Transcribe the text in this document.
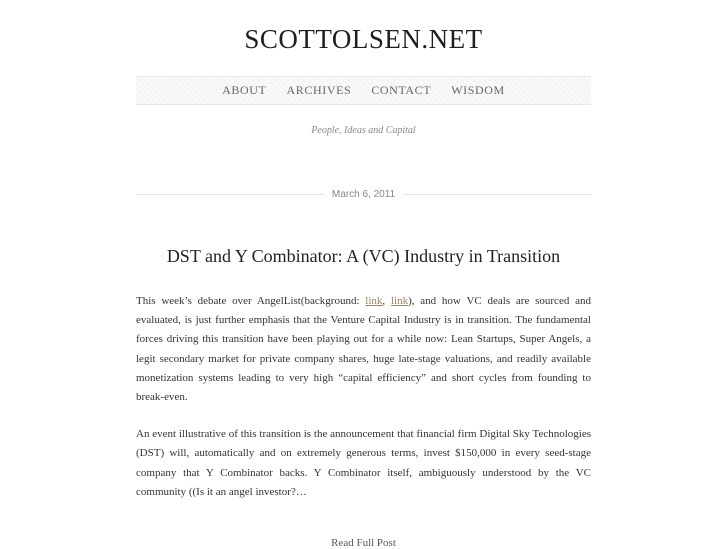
SCOTTOLSEN.NET
ABOUT ARCHIVES CONTACT WISDOM
People, Ideas and Capital
March 6, 2011
DST and Y Combinator: A (VC) Industry in Transition

This week’s debate over AngelList(background: link, link), and how VC deals are sourced and evaluated, is just further emphasis that the Venture Capital Industry is in transition. The fundamental forces driving this transition have been playing out for a while now: Lean Startups, Super Angels, a legit secondary market for private company shares, huge late-stage valuations, and readily available monetization systems leading to very high “capital efficiency” and short cycles from founding to break-even.

An event illustrative of this transition is the announcement that financial firm Digital Sky Technologies (DST) will, automatically and on extremely generous terms, invest $150,000 in every seed-stage company that Y Combinator backs. Y Combinator itself, ambiguously understood by the VC community ((Is it an angel investor?…

Read Full Post
